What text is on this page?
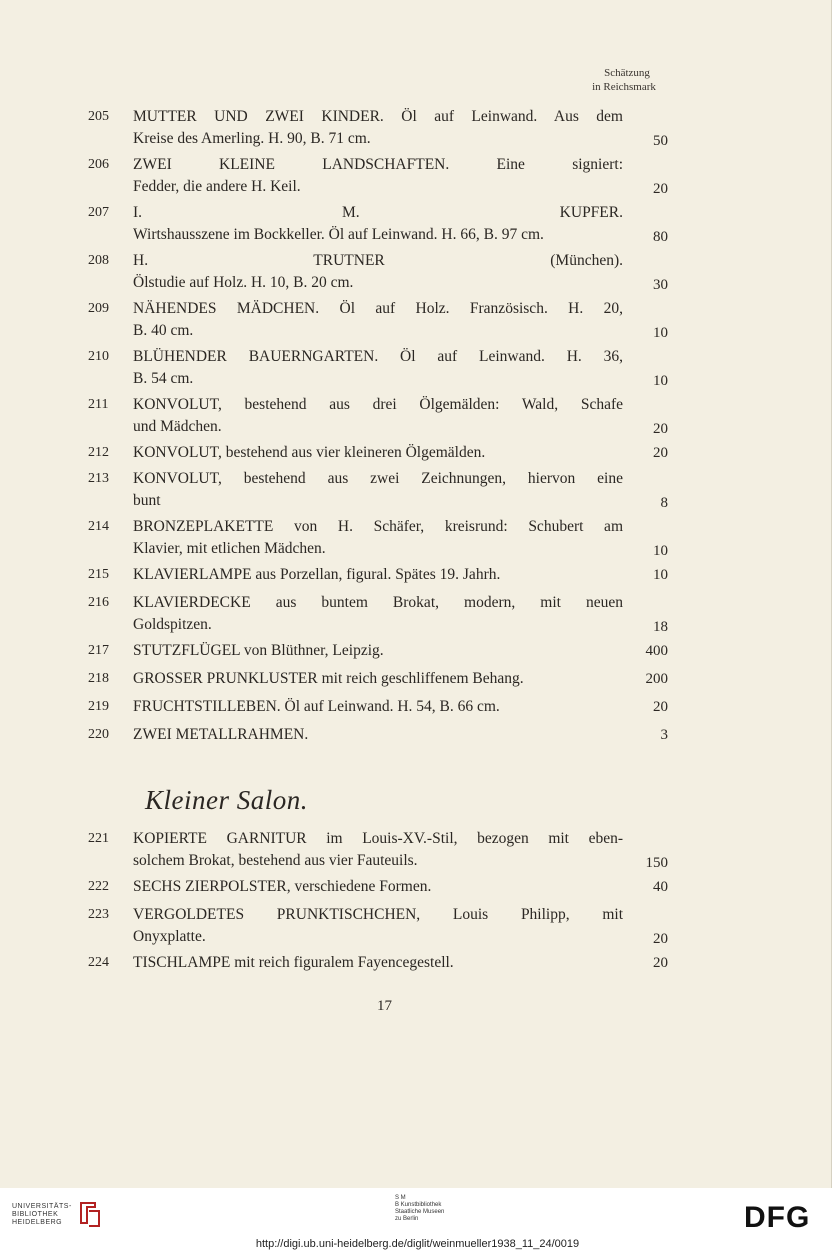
Schätzung
in Reichsmark
205	MUTTER UND ZWEI KINDER. Öl auf Leinwand. Aus dem
Kreise des Amerling. H. 90, B. 71 cm.	50
206	ZWEI KLEINE LANDSCHAFTEN. Eine signiert:
Fedder, die andere H. Keil.	20
207	I. M. KUPFER.
Wirtshausszene im Bockkeller. Öl auf Leinwand. H. 66, B. 97 cm.	80
208	H. TRUTNER (München).
Ölstudie auf Holz. H. 10, B. 20 cm.	30
209	NÄHENDES MÄDCHEN. Öl auf Holz. Französisch. H. 20,
B. 40 cm.	10
210	BLÜHENDER BAUERNGARTEN. Öl auf Leinwand. H. 36,
B. 54 cm.	10
211	KONVOLUT, bestehend aus drei Ölgemälden: Wald, Schafe
und Mädchen.	20
212	KONVOLUT, bestehend aus vier kleineren Ölgemälden.	20
213	KONVOLUT, bestehend aus zwei Zeichnungen, hiervon eine
bunt	8
214	BRONZEPLAKETTE von H. Schäfer, kreisrund: Schubert am
Klavier, mit etlichen Mädchen.	10
215	KLAVIERLAMPE aus Porzellan, figural. Spätes 19. Jahrh.	10
216	KLAVIERDECKE aus buntem Brokat, modern, mit neuen
Goldspitzen.	18
217	STUTZFLÜGEL von Blüthner, Leipzig.	400
218	GROSSER PRUNKLUSTER mit reich geschliffenem Behang.	200
219	FRUCHTSTILLEBEN. Öl auf Leinwand. H. 54, B. 66 cm.	20
220	ZWEI METALLRAHMEN.	3
Kleiner Salon.
221	KOPIERTE GARNITUR im Louis-XV.-Stil, bezogen mit eben-
solchem Brokat, bestehend aus vier Fauteuils.	150
222	SECHS ZIERPOLSTER, verschiedene Formen.	40
223	VERGOLDETES PRUNKTISCHCHEN, Louis Philipp, mit
Onyxplatte.	20
224	TISCHLAMPE mit reich figuralem Fayencegestell.	20
17
UNIVERSITÄTS-
BIBLIOTHEK
HEIDELBERG
S M
B Kunstbibliothek
Staatliche Museen
zu Berlin	DFG
http://digi.ub.uni-heidelberg.de/diglit/weinmueller1938_11_24/0019
